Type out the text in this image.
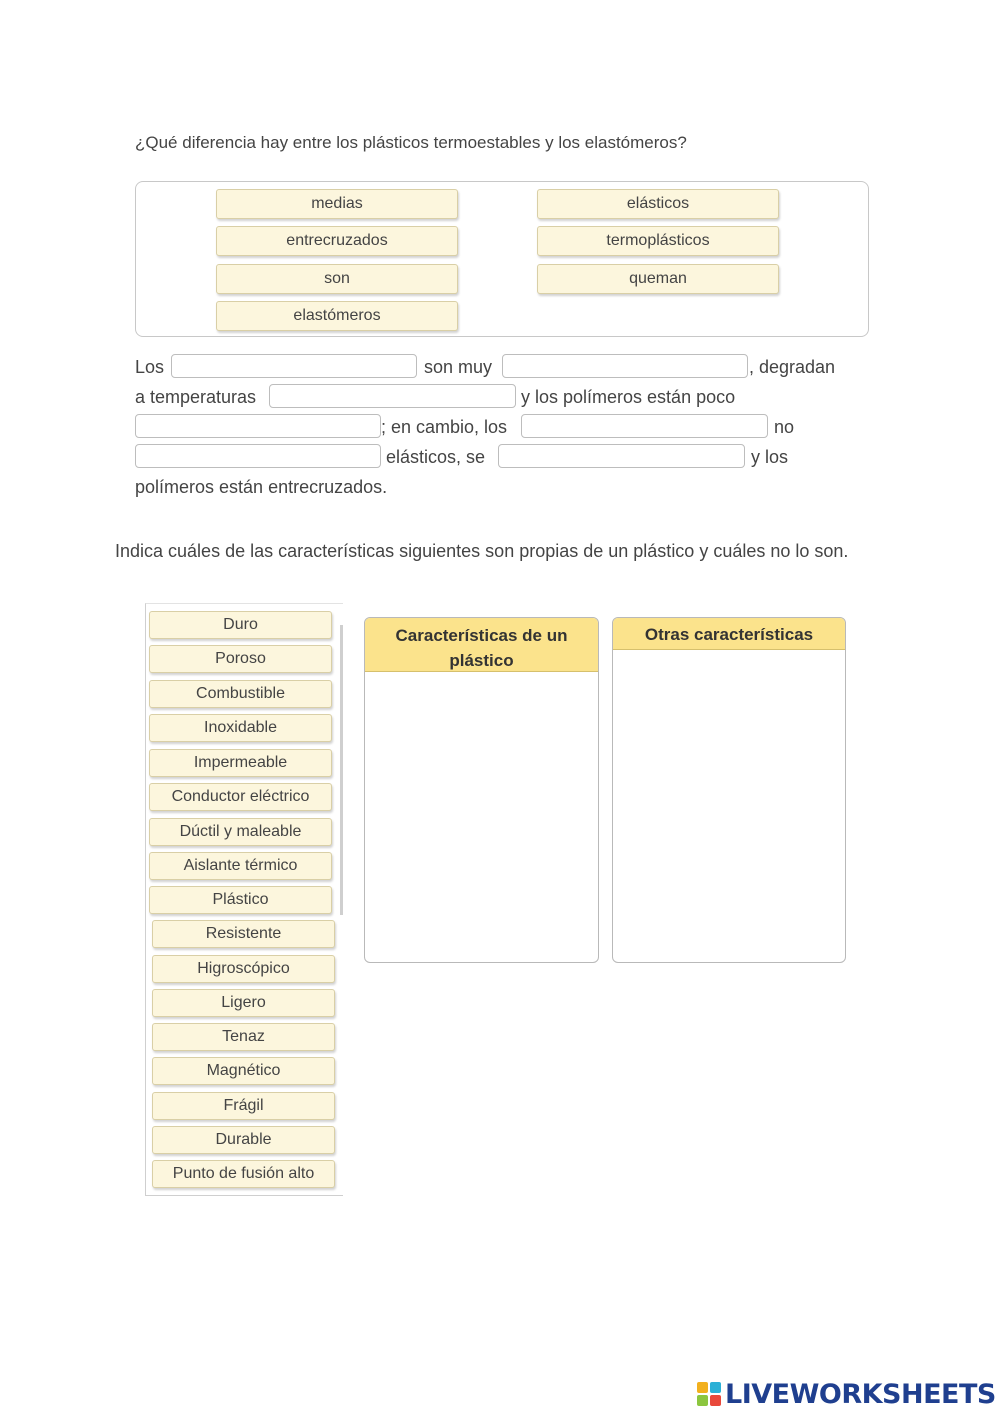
¿Qué diferencia hay entre los plásticos termoestables y los elastómeros?
medias	elásticos
entrecruzados	termoplásticos
son	queman
elastómeros
Los	son muy	, degradan
a temperaturas	y los polímeros están poco
; en cambio, los	no
elásticos, se	y los
polímeros están entrecruzados.
Indica cuáles de las características siguientes son propias de un plástico y cuáles no lo son.
Duro
Poroso
Combustible
Inoxidable
Impermeable
Conductor eléctrico
Dúctil y maleable
Aislante térmico
Plástico
Resistente
Higroscópico
Ligero
Tenaz
Magnético
Frágil
Durable
Punto de fusión alto
Características de un plástico
Otras características
LIVEWORKSHEETS
